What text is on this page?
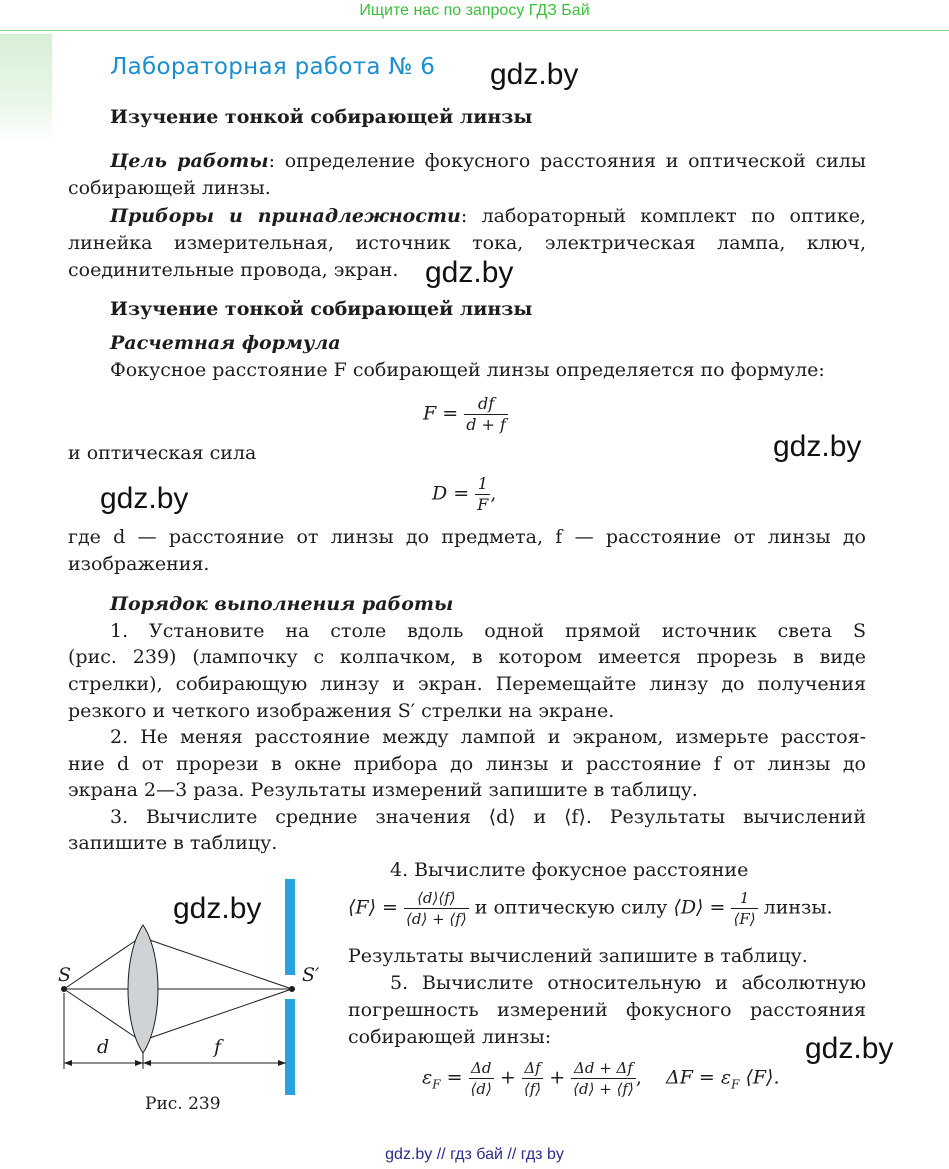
Ищите нас по запросу ГДЗ Бай
Лабораторная работа № 6 gdz.by
Изучение тонкой собирающей линзы
Цель работы: определение фокусного расстояния и оптической силы
собирающей линзы.
Приборы и принадлежности: лабораторный комплект по оптике,
линейка измерительная, источник тока, электрическая лампа, ключ,
соединительные провода, экран. gdz.by
Изучение тонкой собирающей линзы
Расчетная формула
Фокусное расстояние F собирающей линзы определяется по формуле:
$F = \frac{df}{d + f}$
и оптическая сила	gdz.by
gdz.by	$D = \frac{1}{F}$ ,
где d — расстояние от линзы до предмета, f — расстояние от линзы до
изображения.
Порядок выполнения работы
1. Установите на столе вдоль одной прямой источник света S
(рис. 239) (лампочку с колпачком, в котором имеется прорезь в виде
стрелки), собирающую линзу и экран. Перемещайте линзу до получения
резкого и четкого изображения S′ стрелки на экране.
2. Не меняя расстояние между лампой и экраном, измерьте расстоя-
ние d от прорези в окне прибора до линзы и расстояние f от линзы до
экрана 2—3 раза. Результаты измерений запишите в таблицу.
3. Вычислите средние значения ⟨d⟩ и ⟨f⟩. Результаты вычислений
запишите в таблицу.
4. Вычислите фокусное расстояние
⟨F⟩ = $\frac{⟨d⟩⟨f⟩}{⟨d⟩ + ⟨f⟩}$ и оптическую силу ⟨D⟩ = $\frac{1}{⟨F⟩}$ линзы.
Результаты вычислений запишите в таблицу.
5. Вычислите относительную и абсолютную
погрешность измерений фокусного расстояния
собирающей линзы:	gdz.by
$\varepsilon_F = \frac{\Delta d}{⟨d⟩} + \frac{\Delta f}{⟨f⟩} + \frac{\Delta d + \Delta f}{⟨d⟩ + ⟨f⟩}$ , $\Delta F = \varepsilon_F$ ⟨F⟩.
gdz.by
S	S′
d	f
Рис. 239
gdz.by // гдз бай // гдз by
